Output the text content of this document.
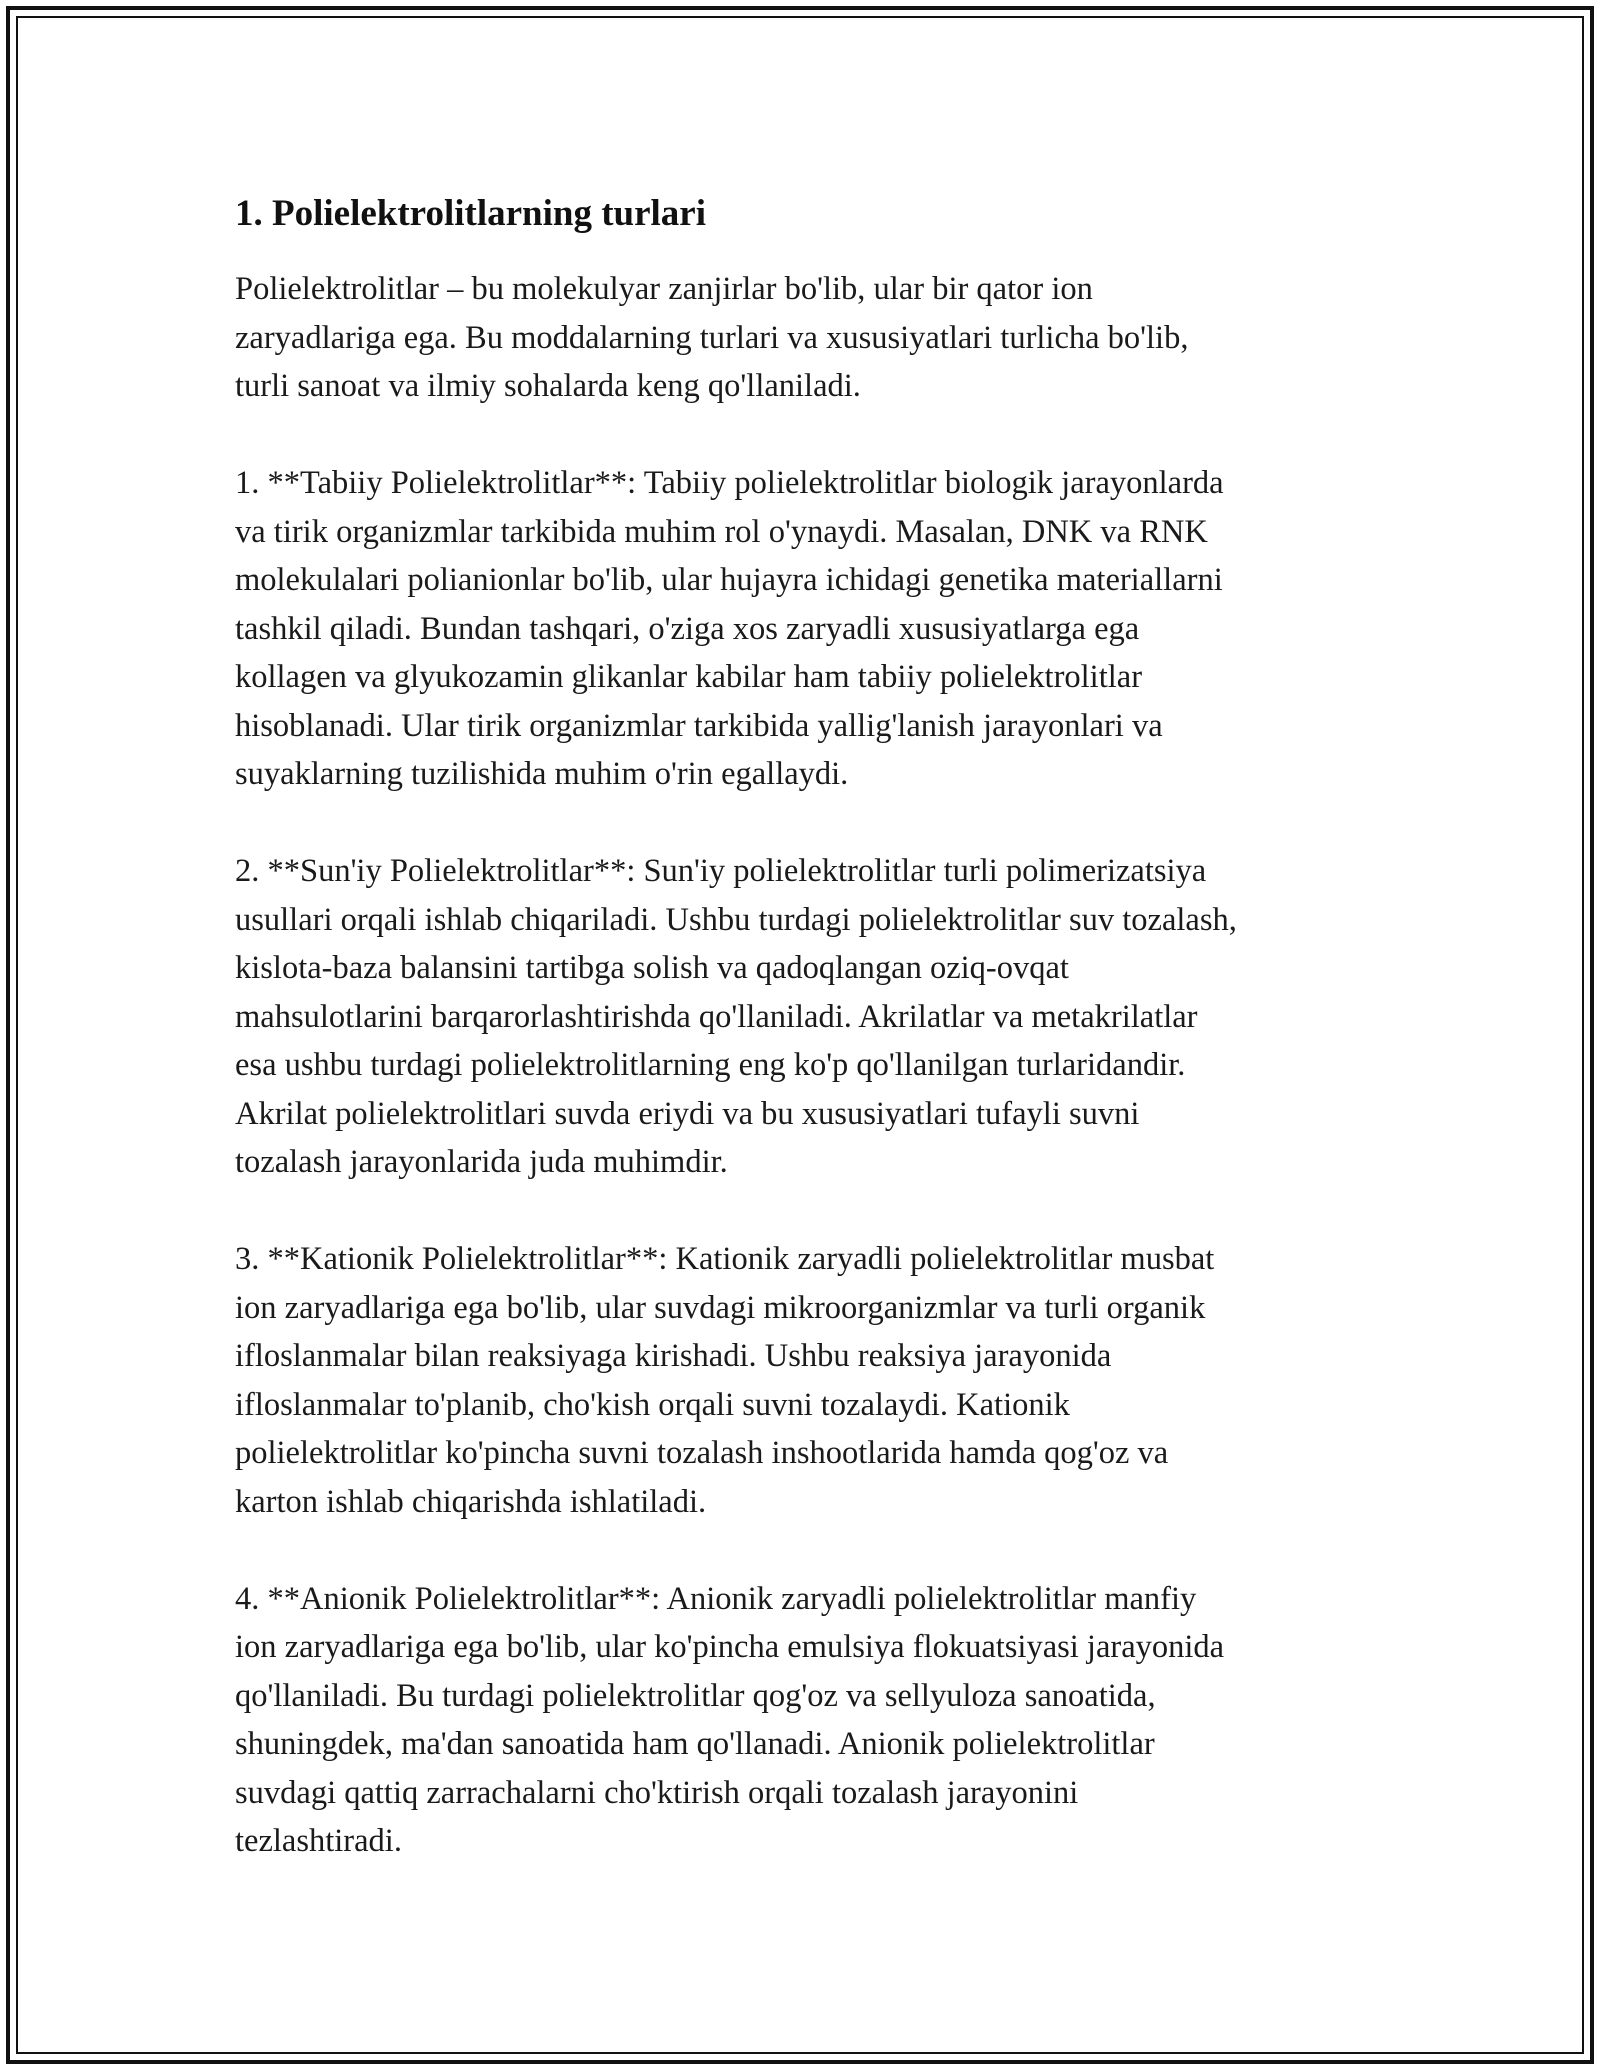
1. Polielektrolitlarning turlari

Polielektrolitlar – bu molekulyar zanjirlar bo'lib, ular bir qator ion
zaryadlariga ega. Bu moddalarning turlari va xususiyatlari turlicha bo'lib,
turli sanoat va ilmiy sohalarda keng qo'llaniladi.

1. **Tabiiy Polielektrolitlar**: Tabiiy polielektrolitlar biologik jarayonlarda
va tirik organizmlar tarkibida muhim rol o'ynaydi. Masalan, DNK va RNK
molekulalari polianionlar bo'lib, ular hujayra ichidagi genetika materiallarni
tashkil qiladi. Bundan tashqari, o'ziga xos zaryadli xususiyatlarga ega
kollagen va glyukozamin glikanlar kabilar ham tabiiy polielektrolitlar
hisoblanadi. Ular tirik organizmlar tarkibida yallig'lanish jarayonlari va
suyaklarning tuzilishida muhim o'rin egallaydi.

2. **Sun'iy Polielektrolitlar**: Sun'iy polielektrolitlar turli polimerizatsiya
usullari orqali ishlab chiqariladi. Ushbu turdagi polielektrolitlar suv tozalash,
kislota-baza balansini tartibga solish va qadoqlangan oziq-ovqat
mahsulotlarini barqarorlashtirishda qo'llaniladi. Akrilatlar va metakrilatlar
esa ushbu turdagi polielektrolitlarning eng ko'p qo'llanilgan turlaridandir.
Akrilat polielektrolitlari suvda eriydi va bu xususiyatlari tufayli suvni
tozalash jarayonlarida juda muhimdir.

3. **Kationik Polielektrolitlar**: Kationik zaryadli polielektrolitlar musbat
ion zaryadlariga ega bo'lib, ular suvdagi mikroorganizmlar va turli organik
ifloslanmalar bilan reaksiyaga kirishadi. Ushbu reaksiya jarayonida
ifloslanmalar to'planib, cho'kish orqali suvni tozalaydi. Kationik
polielektrolitlar ko'pincha suvni tozalash inshootlarida hamda qog'oz va
karton ishlab chiqarishda ishlatiladi.

4. **Anionik Polielektrolitlar**: Anionik zaryadli polielektrolitlar manfiy
ion zaryadlariga ega bo'lib, ular ko'pincha emulsiya flokuatsiyasi jarayonida
qo'llaniladi. Bu turdagi polielektrolitlar qog'oz va sellyuloza sanoatida,
shuningdek, ma'dan sanoatida ham qo'llanadi. Anionik polielektrolitlar
suvdagi qattiq zarrachalarni cho'ktirish orqali tozalash jarayonini
tezlashtiradi.
